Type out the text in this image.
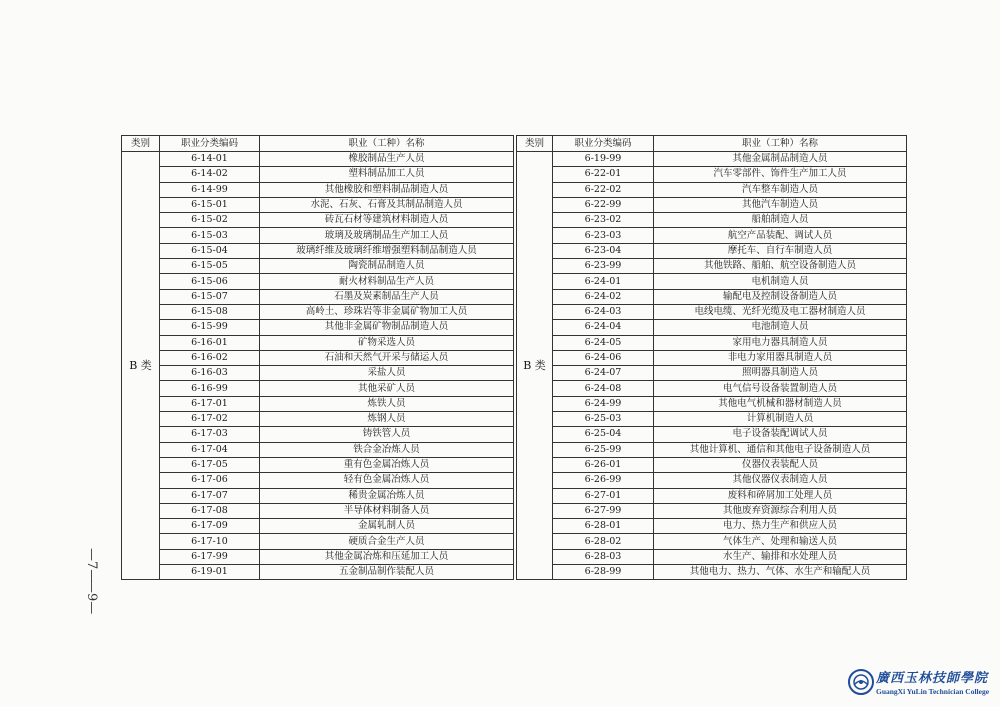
类别	职业分类编码	职业（工种）名称
B 类	6-14-01	橡胶制品生产人员
	6-14-02	塑料制品加工人员
	6-14-99	其他橡胶和塑料制品制造人员
	6-15-01	水泥、石灰、石膏及其制品制造人员
	6-15-02	砖瓦石材等建筑材料制造人员
	6-15-03	玻璃及玻璃制品生产加工人员
	6-15-04	玻璃纤维及玻璃纤维增强塑料制品制造人员
	6-15-05	陶瓷制品制造人员
	6-15-06	耐火材料制品生产人员
	6-15-07	石墨及炭素制品生产人员
	6-15-08	高岭土、珍珠岩等非金属矿物加工人员
	6-15-99	其他非金属矿物制品制造人员
	6-16-01	矿物采选人员
	6-16-02	石油和天然气开采与储运人员
	6-16-03	采盐人员
	6-16-99	其他采矿人员
	6-17-01	炼铁人员
	6-17-02	炼钢人员
	6-17-03	铸铁管人员
	6-17-04	铁合金冶炼人员
	6-17-05	重有色金属冶炼人员
	6-17-06	轻有色金属冶炼人员
	6-17-07	稀贵金属冶炼人员
	6-17-08	半导体材料制备人员
	6-17-09	金属轧制人员
	6-17-10	硬质合金生产人员
	6-17-99	其他金属冶炼和压延加工人员
	6-19-01	五金制品制作装配人员
类别	职业分类编码	职业（工种）名称
B 类	6-19-99	其他金属制品制造人员
	6-22-01	汽车零部件、饰件生产加工人员
	6-22-02	汽车整车制造人员
	6-22-99	其他汽车制造人员
	6-23-02	船舶制造人员
	6-23-03	航空产品装配、调试人员
	6-23-04	摩托车、自行车制造人员
	6-23-99	其他铁路、船舶、航空设备制造人员
	6-24-01	电机制造人员
	6-24-02	输配电及控制设备制造人员
	6-24-03	电线电缆、光纤光缆及电工器材制造人员
	6-24-04	电池制造人员
	6-24-05	家用电力器具制造人员
	6-24-06	非电力家用器具制造人员
	6-24-07	照明器具制造人员
	6-24-08	电气信号设备装置制造人员
	6-24-99	其他电气机械和器材制造人员
	6-25-03	计算机制造人员
	6-25-04	电子设备装配调试人员
	6-25-99	其他计算机、通信和其他电子设备制造人员
	6-26-01	仪器仪表装配人员
	6-26-99	其他仪器仪表制造人员
	6-27-01	废料和碎屑加工处理人员
	6-27-99	其他废弃资源综合利用人员
	6-28-01	电力、热力生产和供应人员
	6-28-02	气体生产、处理和输送人员
	6-28-03	水生产、输排和水处理人员
	6-28-99	其他电力、热力、气体、水生产和输配人员
—7—
—9—
廣西玉林技師學院
GuangXi YuLin Technician College
